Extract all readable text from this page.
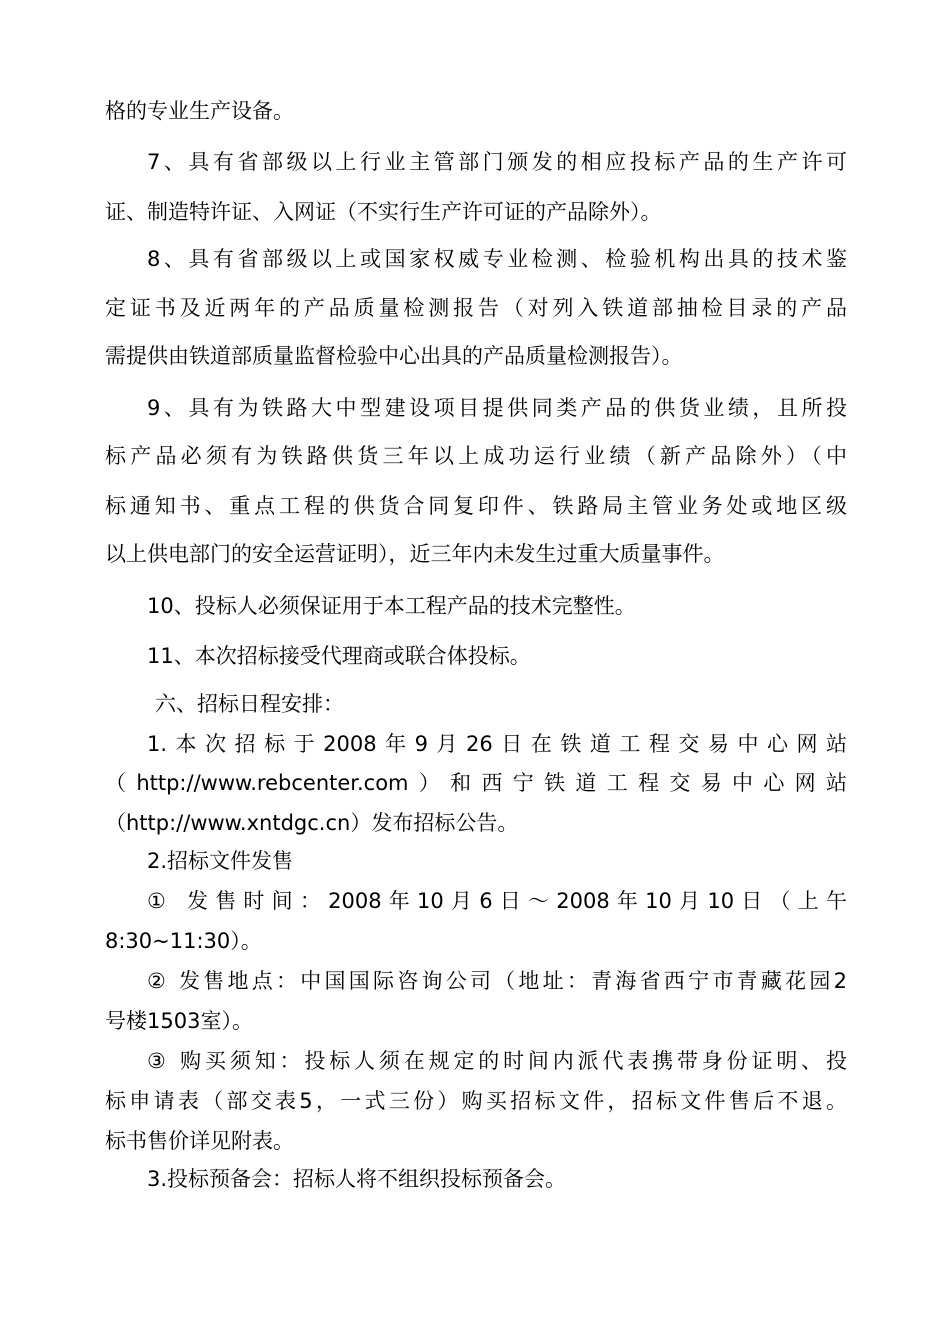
格的专业生产设备。
7、具有省部级以上行业主管部门颁发的相应投标产品的生产许可
证、制造特许证、入网证（不实行生产许可证的产品除外）。
8、具有省部级以上或国家权威专业检测、检验机构出具的技术鉴
定证书及近两年的产品质量检测报告（对列入铁道部抽检目录的产品
需提供由铁道部质量监督检验中心出具的产品质量检测报告）。
9、具有为铁路大中型建设项目提供同类产品的供货业绩，且所投
标产品必须有为铁路供货三年以上成功运行业绩（新产品除外）（中
标通知书、重点工程的供货合同复印件、铁路局主管业务处或地区级
以上供电部门的安全运营证明），近三年内未发生过重大质量事件。
10、投标人必须保证用于本工程产品的技术完整性。
11、本次招标接受代理商或联合体投标。
六、招标日程安排：
1.本次招标于2008年9月26日在铁道工程交易中心网站
（http://www.rebcenter.com）和西宁铁道工程交易中心网站
（http://www.xntdgc.cn）发布招标公告。
2.招标文件发售
① 发售时间：2008年10月6日～2008年10月10日（上午
8:30~11:30）。
② 发售地点：中国国际咨询公司（地址：青海省西宁市青藏花园2
号楼1503室）。
③ 购买须知：投标人须在规定的时间内派代表携带身份证明、投
标申请表（部交表5，一式三份）购买招标文件，招标文件售后不退。
标书售价详见附表。
3.投标预备会：招标人将不组织投标预备会。
